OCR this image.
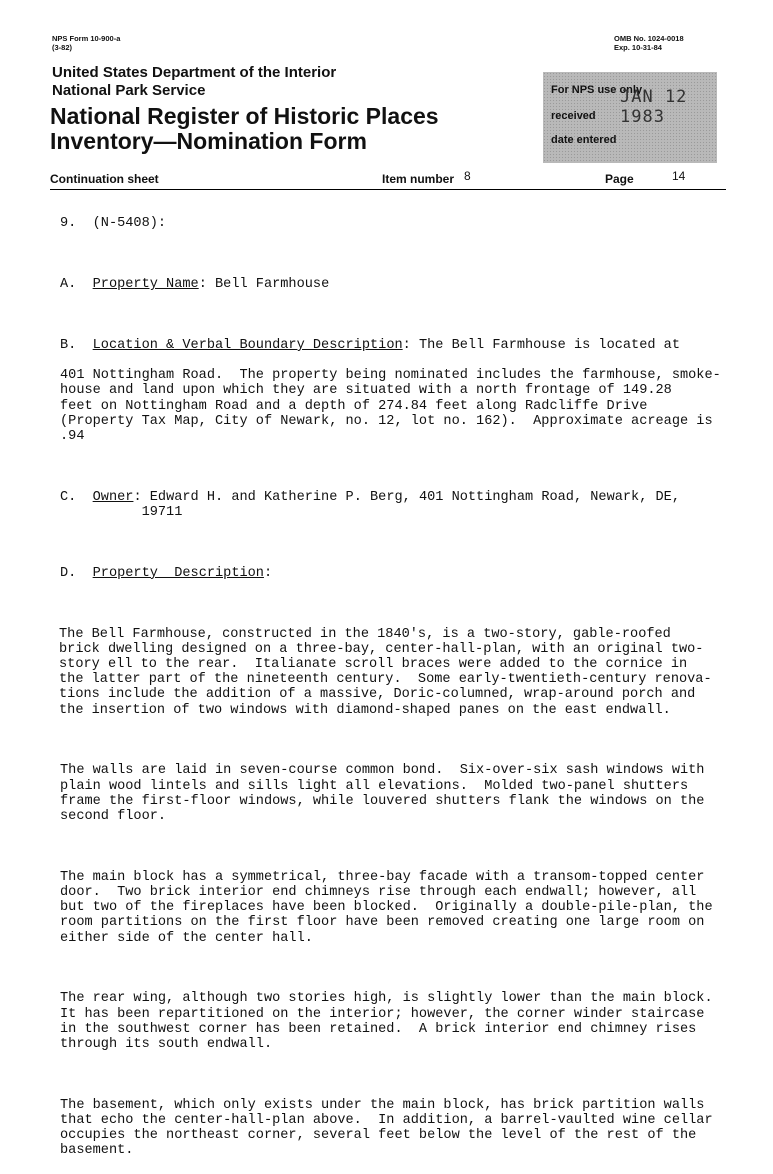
NPS Form 10-900-a
(3-82)
OMB No. 1024-0018
Exp. 10-31-84
United States Department of the Interior
National Park Service
National Register of Historic Places
Inventory—Nomination Form
For NPS use only
JAN 12 1983
received
date entered
Continuation sheet	Item number 8	Page	14

9.  (N-5408):

A.  Property Name: Bell Farmhouse

B.  Location & Verbal Boundary Description: The Bell Farmhouse is located at

401 Nottingham Road.  The property being nominated includes the farmhouse, smoke-
house and land upon which they are situated with a north frontage of 149.28
feet on Nottingham Road and a depth of 274.84 feet along Radcliffe Drive
(Property Tax Map, City of Newark, no. 12, lot no. 162).  Approximate acreage is
.94

C.  Owner: Edward H. and Katherine P. Berg, 401 Nottingham Road, Newark, DE,
19711

D.  Property  Description:

The Bell Farmhouse, constructed in the 1840's, is a two-story, gable-roofed
brick dwelling designed on a three-bay, center-hall-plan, with an original two-
story ell to the rear.  Italianate scroll braces were added to the cornice in
the latter part of the nineteenth century.  Some early-twentieth-century renova-
tions include the addition of a massive, Doric-columned, wrap-around porch and
the insertion of two windows with diamond-shaped panes on the east endwall.

The walls are laid in seven-course common bond.  Six-over-six sash windows with
plain wood lintels and sills light all elevations.  Molded two-panel shutters
frame the first-floor windows, while louvered shutters flank the windows on the
second floor.

The main block has a symmetrical, three-bay facade with a transom-topped center
door.  Two brick interior end chimneys rise through each endwall; however, all
but two of the fireplaces have been blocked.  Originally a double-pile-plan, the
room partitions on the first floor have been removed creating one large room on
either side of the center hall.

The rear wing, although two stories high, is slightly lower than the main block.
It has been repartitioned on the interior; however, the corner winder staircase
in the southwest corner has been retained.  A brick interior end chimney rises
through its south endwall.

The basement, which only exists under the main block, has brick partition walls
that echo the center-hall-plan above.  In addition, a barrel-vaulted wine cellar
occupies the northeast corner, several feet below the level of the rest of the
basement.
